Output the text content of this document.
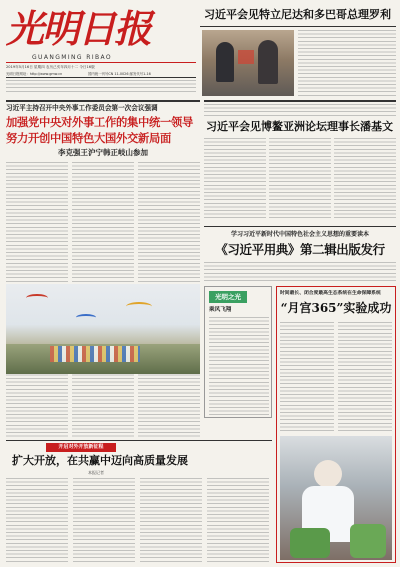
光明日报
GUANGMING RIBAO
2019年5月16日 星期四 农历己亥年四月十二 今日16版
光明日报网址：http://www.gmw.cn	国内统一刊号CN 11-0026 邮发代号1-16
习近平会见特立尼达和多巴哥总理罗利
习近平主持召开中央外事工作委员会第一次会议强调
加强党中央对外事工作的集中统一领导
努力开创中国特色大国外交新局面
李克强王沪宁韩正岐山参加
习近平会见博鳌亚洲论坛理事长潘基文
学习习近平新时代中国特色社会主义思想的重要读本
《习近平用典》第二辑出版发行
光明之光
乘风飞翔
时间最长、闭合度最高生态系统在生命保障系统
“月宫365”实验成功
开启对外开放新征程
扩大开放，在共赢中迈向高质量发展
本报记者
